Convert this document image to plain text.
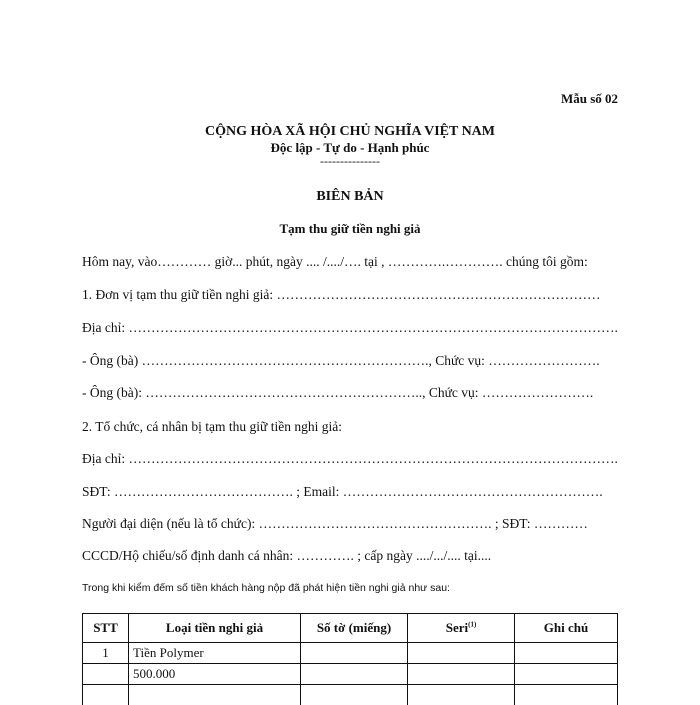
Mẫu số 02
CỘNG HÒA XÃ HỘI CHỦ NGHĨA VIỆT NAM
Độc lập - Tự do - Hạnh phúc
---------------
BIÊN BẢN
Tạm thu giữ tiền nghi giả
Hôm nay, vào………… giờ... phút, ngày .... /..../…. tại , ………….…………. chúng tôi gồm:
1. Đơn vị tạm thu giữ tiền nghi giả: ………………………………………………………………
Địa chỉ: ……………………………………………………………………………………………….
- Ông (bà) ………………………………………………………., Chức vụ: …………………….
- Ông (bà): …………………………………………………….., Chức vụ: …………………….
2. Tổ chức, cá nhân bị tạm thu giữ tiền nghi giả:
Địa chỉ: ……………………………………………………………………………………………….
SĐT: …………………………………. ; Email: ………………………………………………….
Người đại diện (nếu là tổ chức): ……………………………………………. ; SĐT: …………
CCCD/Hộ chiếu/số định danh cá nhân: …………. ; cấp ngày ..../.../.... tại....
Trong khi kiểm đếm số tiền khách hàng nộp đã phát hiện tiền nghi giả như sau:
STT	Loại tiền nghi giả	Số tờ (miếng)	Seri$^{(1)}$	Ghi chú
1	Tiền Polymer			
	500.000			
